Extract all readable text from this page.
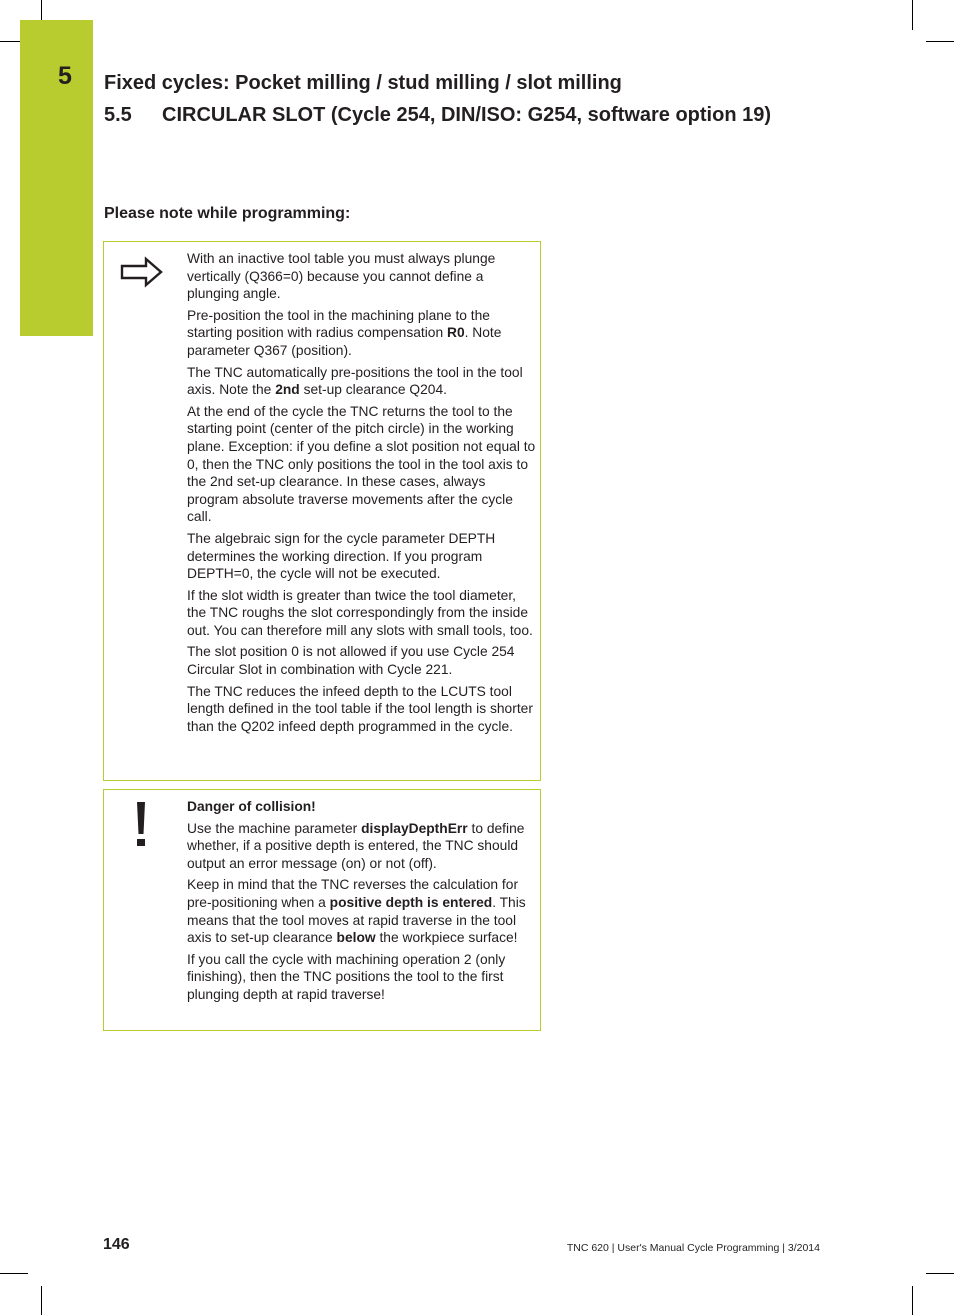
5 Fixed cycles: Pocket milling / stud milling / slot milling
5.5 CIRCULAR SLOT (Cycle 254, DIN/ISO: G254, software option 19)
Please note while programming:

With an inactive tool table you must always plunge vertically (Q366=0) because you cannot define a plunging angle.

Pre-position the tool in the machining plane to the starting position with radius compensation R0. Note parameter Q367 (position).

The TNC automatically pre-positions the tool in the tool axis. Note the 2nd set-up clearance Q204.

At the end of the cycle the TNC returns the tool to the starting point (center of the pitch circle) in the working plane. Exception: if you define a slot position not equal to 0, then the TNC only positions the tool in the tool axis to the 2nd set-up clearance. In these cases, always program absolute traverse movements after the cycle call.

The algebraic sign for the cycle parameter DEPTH determines the working direction. If you program DEPTH=0, the cycle will not be executed.

If the slot width is greater than twice the tool diameter, the TNC roughs the slot correspondingly from the inside out. You can therefore mill any slots with small tools, too.

The slot position 0 is not allowed if you use Cycle 254 Circular Slot in combination with Cycle 221.

The TNC reduces the infeed depth to the LCUTS tool length defined in the tool table if the tool length is shorter than the Q202 infeed depth programmed in the cycle.

Danger of collision!

Use the machine parameter displayDepthErr to define whether, if a positive depth is entered, the TNC should output an error message (on) or not (off).

Keep in mind that the TNC reverses the calculation for pre-positioning when a positive depth is entered. This means that the tool moves at rapid traverse in the tool axis to set-up clearance below the workpiece surface!

If you call the cycle with machining operation 2 (only finishing), then the TNC positions the tool to the first plunging depth at rapid traverse!

146	TNC 620 | User's Manual Cycle Programming | 3/2014
